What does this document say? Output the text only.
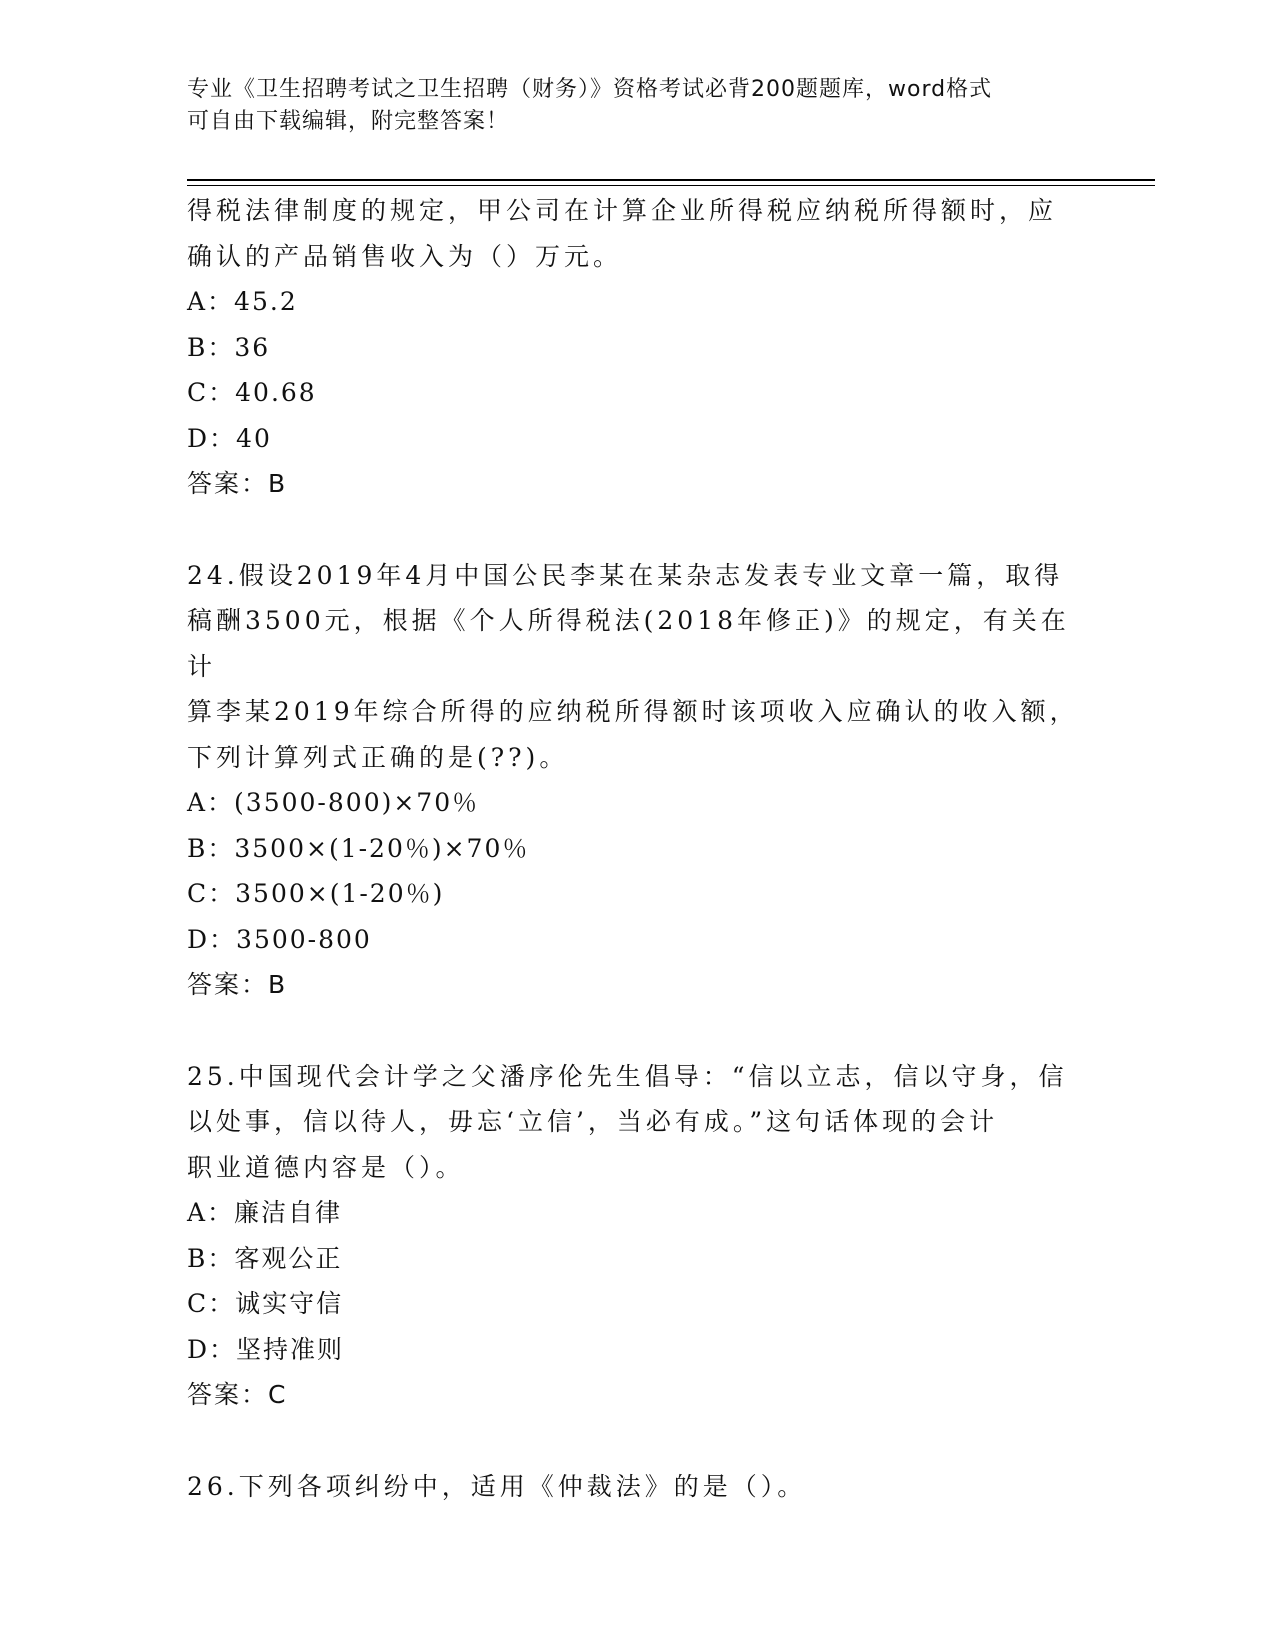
专业《卫生招聘考试之卫生招聘（财务）》资格考试必背200题题库，word格式
可自由下载编辑，附完整答案！

得税法律制度的规定，甲公司在计算企业所得税应纳税所得额时，应

确认的产品销售收入为（）万元。

A：45.2

B：36

C：40.68

D：40

答案：B

24.假设2019年4月中国公民李某在某杂志发表专业文章一篇，取得

稿酬3500元，根据《个人所得税法(2018年修正)》的规定，有关在计

算李某2019年综合所得的应纳税所得额时该项收入应确认的收入额，

下列计算列式正确的是(??)。

A：(3500-800)×70％

B：3500×(1-20％)×70％

C：3500×(1-20％)

D：3500-800

答案：B

25.中国现代会计学之父潘序伦先生倡导：“信以立志，信以守身，信

以处事，信以待人，毋忘‘立信’，当必有成。”这句话体现的会计

职业道德内容是（）。

A：廉洁自律

B：客观公正

C：诚实守信

D：坚持准则

答案：C

26.下列各项纠纷中，适用《仲裁法》的是（）。
